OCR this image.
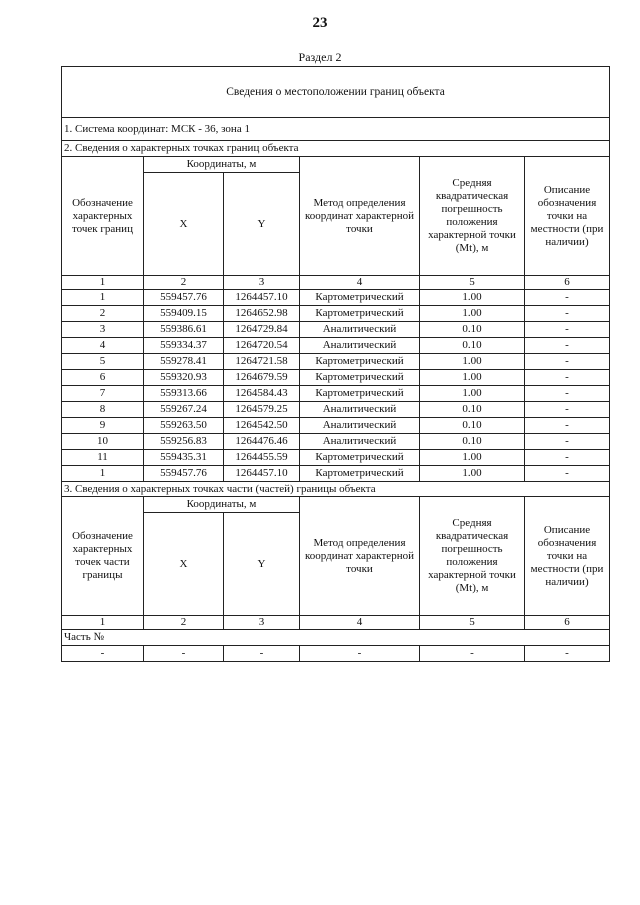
23
Раздел 2
Сведения о местоположении границ объекта					
1. Система координат: МСК - 36, зона 1					
2. Сведения о характерных точках границ объекта					
Обозначение характерных точек границ	Координаты, м		Метод определения координат характерной точки	Средняя квадратическая погрешность положения характерной точки (Mt), м	Описание обозначения точки на местности (при наличии)
	X	Y			
1	2	3	4	5	6
1	559457.76	1264457.10	Картометрический	1.00	-
2	559409.15	1264652.98	Картометрический	1.00	-
3	559386.61	1264729.84	Аналитический	0.10	-
4	559334.37	1264720.54	Аналитический	0.10	-
5	559278.41	1264721.58	Картометрический	1.00	-
6	559320.93	1264679.59	Картометрический	1.00	-
7	559313.66	1264584.43	Картометрический	1.00	-
8	559267.24	1264579.25	Аналитический	0.10	-
9	559263.50	1264542.50	Аналитический	0.10	-
10	559256.83	1264476.46	Аналитический	0.10	-
11	559435.31	1264455.59	Картометрический	1.00	-
1	559457.76	1264457.10	Картометрический	1.00	-
3. Сведения о характерных точках части (частей) границы объекта					
Обозначение характерных точек части границы	Координаты, м		Метод определения координат характерной точки	Средняя квадратическая погрешность положения характерной точки (Mt), м	Описание обозначения точки на местности (при наличии)
	X	Y			
1	2	3	4	5	6
Часть №					
-	-	-	-	-	-
